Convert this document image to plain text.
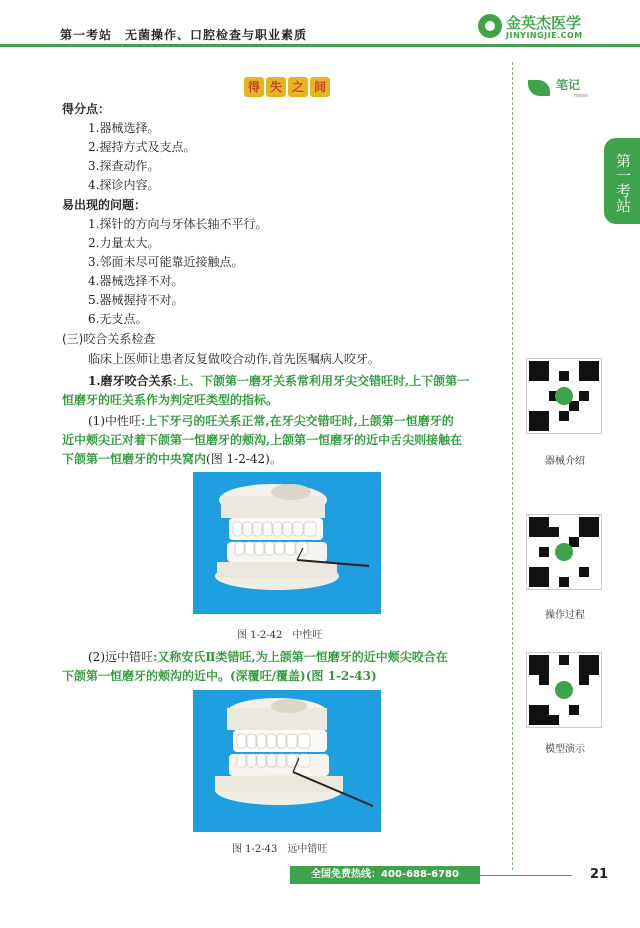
第一考站　无菌操作、口腔检查与职业素质
金英杰医学
JINYINGJIE.COM
笔记
notes
第一考站
器械介绍
操作过程
模型演示
得 失 之 间
得分点：
1.器械选择。
2.握持方式及支点。
3.探查动作。
4.探诊内容。
易出现的问题：
1.探针的方向与牙体长轴不平行。
2.力量太大。
3.邻面未尽可能靠近接触点。
4.器械选择不对。
5.器械握持不对。
6.无支点。
(三)咬合关系检查
临床上医师让患者反复做咬合动作,首先医嘱病人咬牙。
1.磨牙咬合关系:上、下颌第一磨牙关系常利用牙尖交错㕵时,上下颌第一
恒磨牙的㕵关系作为判定㕵类型的指标。
(1)中性㕵:上下牙弓的㕵关系正常,在牙尖交错㕵时,上颌第一恒磨牙的
近中颊尖正对着下颌第一恒磨牙的颊沟,上颌第一恒磨牙的近中舌尖则接触在
下颌第一恒磨牙的中央窝内(图 1-2-42)。
图 1-2-42　中性㕵
(2)远中错㕵:又称安氏Ⅱ类错㕵,为上颌第一恒磨牙的近中颊尖咬合在
下颌第一恒磨牙的颊沟的近中。(深覆㕵/覆盖)(图 1-2-43)
图 1-2-43　远中错㕵
全国免费热线：400-688-6780	21
